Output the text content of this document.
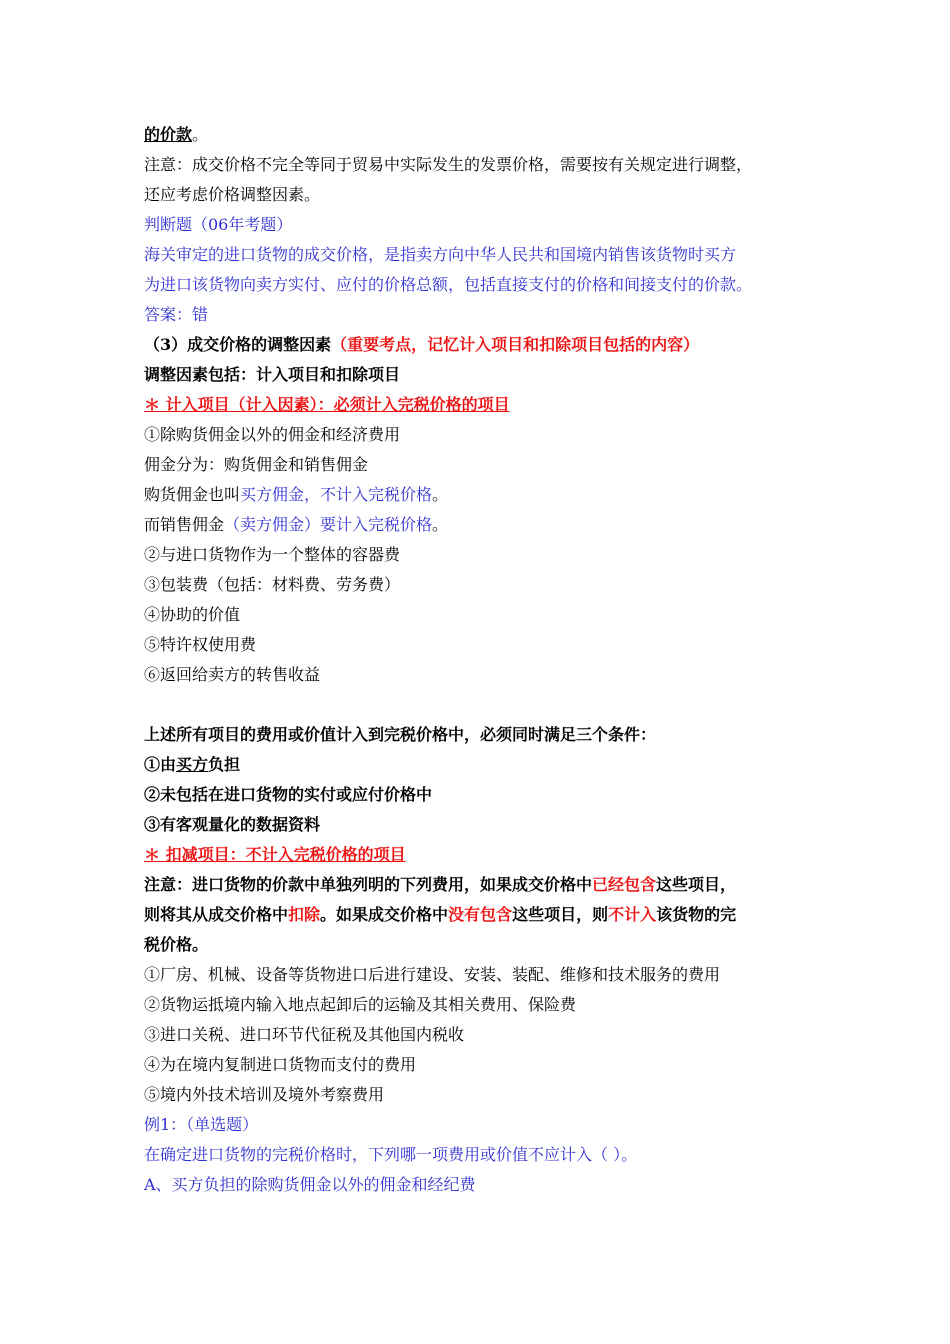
的价款。
注意：成交价格不完全等同于贸易中实际发生的发票价格，需要按有关规定进行调整，
还应考虑价格调整因素。
判断题（06年考题）
海关审定的进口货物的成交价格，是指卖方向中华人民共和国境内销售该货物时买方
为进口该货物向卖方实付、应付的价格总额，包括直接支付的价格和间接支付的价款。
答案：错
（3）成交价格的调整因素（重要考点，记忆计入项目和扣除项目包括的内容）
调整因素包括：计入项目和扣除项目
＊ 计入项目（计入因素）：必须计入完税价格的项目
①除购货佣金以外的佣金和经济费用
佣金分为：购货佣金和销售佣金
购货佣金也叫买方佣金，不计入完税价格。
而销售佣金（卖方佣金）要计入完税价格。
②与进口货物作为一个整体的容器费
③包装费（包括：材料费、劳务费）
④协助的价值
⑤特许权使用费
⑥返回给卖方的转售收益
上述所有项目的费用或价值计入到完税价格中，必须同时满足三个条件：
①由买方负担
②未包括在进口货物的实付或应付价格中
③有客观量化的数据资料
＊ 扣减项目：不计入完税价格的项目
注意：进口货物的价款中单独列明的下列费用，如果成交价格中已经包含这些项目，
则将其从成交价格中扣除。如果成交价格中没有包含这些项目，则不计入该货物的完
税价格。
①厂房、机械、设备等货物进口后进行建设、安装、装配、维修和技术服务的费用
②货物运抵境内输入地点起卸后的运输及其相关费用、保险费
③进口关税、进口环节代征税及其他国内税收
④为在境内复制进口货物而支付的费用
⑤境内外技术培训及境外考察费用
例1：（单选题）
在确定进口货物的完税价格时，下列哪一项费用或价值不应计入（ ）。
A、买方负担的除购货佣金以外的佣金和经纪费
